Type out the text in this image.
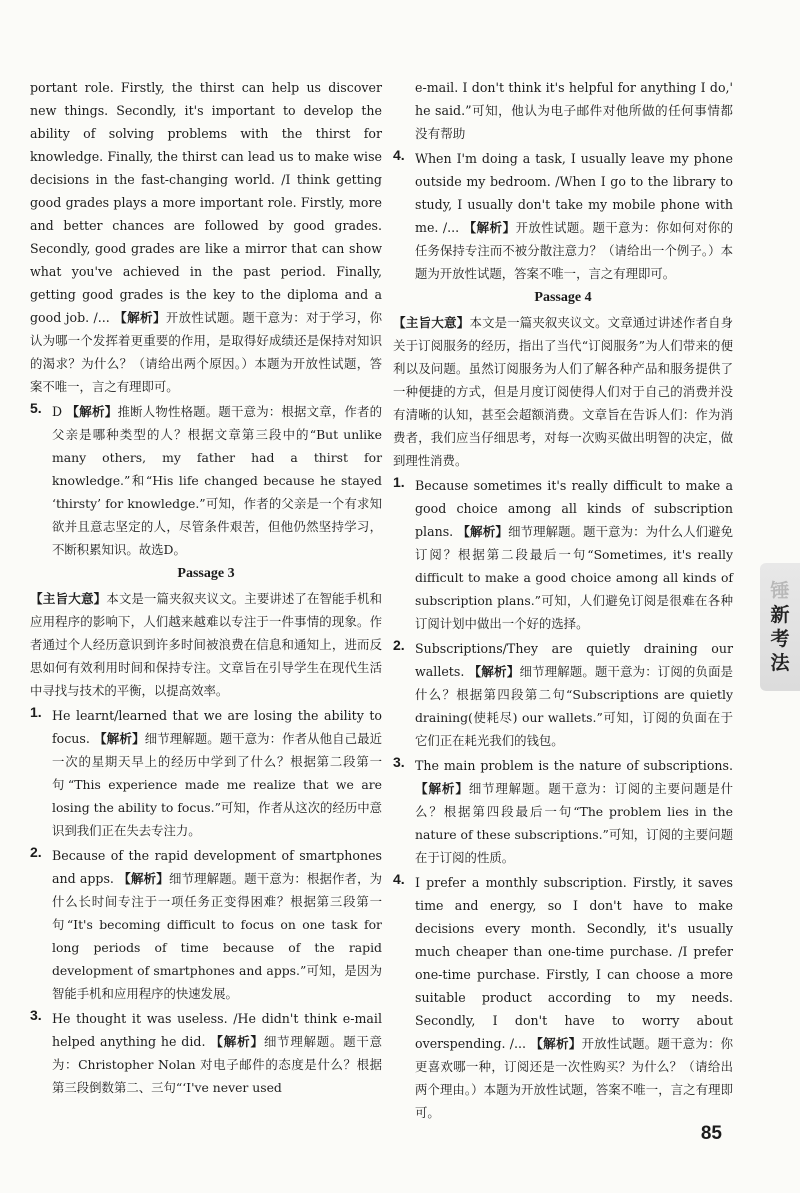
portant role. Firstly, the thirst can help us discover new things. Secondly, it's important to develop the ability of solving problems with the thirst for knowledge. Finally, the thirst can lead us to make wise decisions in the fast-changing world. /I think getting good grades plays a more important role. Firstly, more and better chances are followed by good grades. Secondly, good grades are like a mirror that can show what you've achieved in the past period. Finally, getting good grades is the key to the diploma and a good job. /... 【解析】开放性试题。题干意为：对于学习，你认为哪一个发挥着更重要的作用，是取得好成绩还是保持对知识的渴求？为什么？（请给出两个原因。）本题为开放性试题，答案不唯一，言之有理即可。

5. D 【解析】推断人物性格题。题干意为：根据文章，作者的父亲是哪种类型的人？根据文章第三段中的“But unlike many others, my father had a thirst for knowledge.”和“His life changed because he stayed ‘thirsty’ for knowledge.”可知，作者的父亲是一个有求知欲并且意志坚定的人，尽管条件艰苦，但他仍然坚持学习，不断积累知识。故选D。

Passage 3

【主旨大意】本文是一篇夹叙夹议文。主要讲述了在智能手机和应用程序的影响下，人们越来越难以专注于一件事情的现象。作者通过个人经历意识到许多时间被浪费在信息和通知上，进而反思如何有效利用时间和保持专注。文章旨在引导学生在现代生活中寻找与技术的平衡，以提高效率。

1. He learnt/learned that we are losing the ability to focus. 【解析】细节理解题。题干意为：作者从他自己最近一次的星期天早上的经历中学到了什么？根据第二段第一句“This experience made me realize that we are losing the ability to focus.”可知，作者从这次的经历中意识到我们正在失去专注力。

2. Because of the rapid development of smartphones and apps. 【解析】细节理解题。题干意为：根据作者，为什么长时间专注于一项任务正变得困难？根据第三段第一句“It's becoming difficult to focus on one task for long periods of time because of the rapid development of smartphones and apps.”可知，是因为智能手机和应用程序的快速发展。

3. He thought it was useless. /He didn't think e-mail helped anything he did. 【解析】细节理解题。题干意为：Christopher Nolan 对电子邮件的态度是什么？根据第三段倒数第二、三句“‘I've never used

e-mail. I don't think it's helpful for anything I do,' he said.”可知，他认为电子邮件对他所做的任何事情都没有帮助

4. When I'm doing a task, I usually leave my phone outside my bedroom. /When I go to the library to study, I usually don't take my mobile phone with me. /... 【解析】开放性试题。题干意为：你如何对你的任务保持专注而不被分散注意力？（请给出一个例子。）本题为开放性试题，答案不唯一，言之有理即可。

Passage 4

【主旨大意】本文是一篇夹叙夹议文。文章通过讲述作者自身关于订阅服务的经历，指出了当代“订阅服务”为人们带来的便利以及问题。虽然订阅服务为人们了解各种产品和服务提供了一种便捷的方式，但是月度订阅使得人们对于自己的消费并没有清晰的认知，甚至会超额消费。文章旨在告诉人们：作为消费者，我们应当仔细思考，对每一次购买做出明智的决定，做到理性消费。

1. Because sometimes it's really difficult to make a good choice among all kinds of subscription plans. 【解析】细节理解题。题干意为：为什么人们避免订阅？根据第二段最后一句“Sometimes, it's really difficult to make a good choice among all kinds of subscription plans.”可知，人们避免订阅是很难在各种订阅计划中做出一个好的选择。

2. Subscriptions/They are quietly draining our wallets. 【解析】细节理解题。题干意为：订阅的负面是什么？根据第四段第二句“Subscriptions are quietly draining(使耗尽) our wallets.”可知，订阅的负面在于它们正在耗光我们的钱包。

3. The main problem is the nature of subscriptions. 【解析】细节理解题。题干意为：订阅的主要问题是什么？根据第四段最后一句“The problem lies in the nature of these subscriptions.”可知，订阅的主要问题在于订阅的性质。

4. I prefer a monthly subscription. Firstly, it saves time and energy, so I don't have to make decisions every month. Secondly, it's usually much cheaper than one-time purchase. /I prefer one-time purchase. Firstly, I can choose a more suitable product according to my needs. Secondly, I don't have to worry about overspending. /... 【解析】开放性试题。题干意为：你更喜欢哪一种，订阅还是一次性购买？为什么？（请给出两个理由。）本题为开放性试题，答案不唯一，言之有理即可。

锤
新
考
法
85
